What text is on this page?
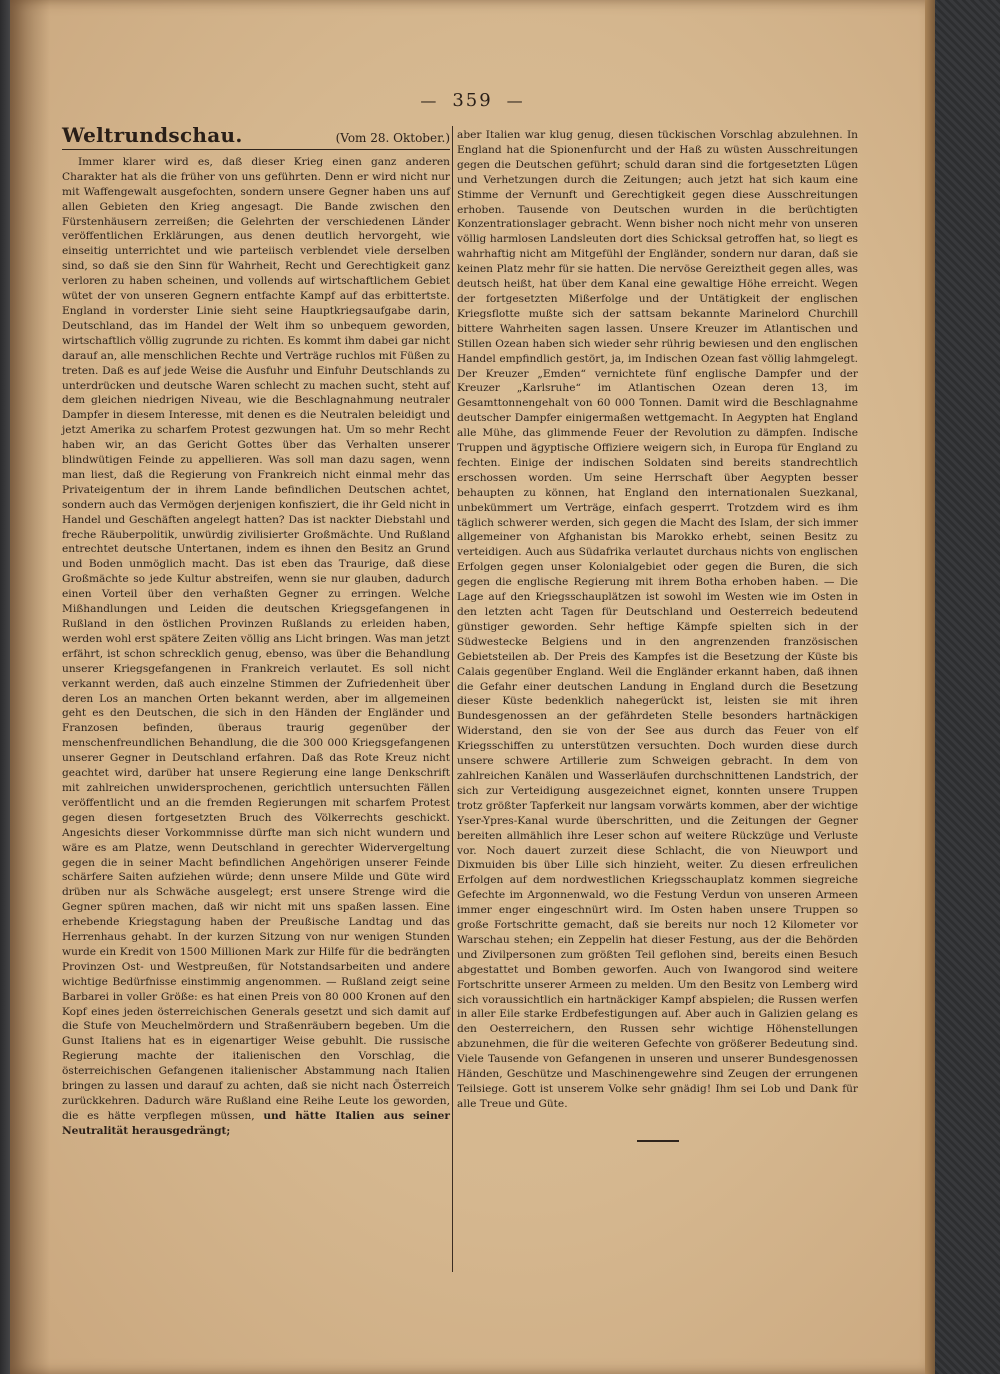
— 359 —
Weltrundschau.	(Vom 28. Oktober.)

Immer klarer wird es, daß dieser Krieg einen ganz anderen Charakter hat als die früher von uns geführten. Denn er wird nicht nur mit Waffengewalt ausgefochten, sondern unsere Gegner haben uns auf allen Gebieten den Krieg angesagt. Die Bande zwischen den Fürstenhäusern zerreißen; die Gelehrten der verschiedenen Länder veröffentlichen Erklärungen, aus denen deutlich hervorgeht, wie einseitig unterrichtet und wie parteiisch verblendet viele derselben sind, so daß sie den Sinn für Wahrheit, Recht und Gerechtigkeit ganz verloren zu haben scheinen, und vollends auf wirtschaftlichem Gebiet wütet der von unseren Gegnern entfachte Kampf auf das erbittertste. England in vorderster Linie sieht seine Hauptkriegsaufgabe darin, Deutschland, das im Handel der Welt ihm so unbequem geworden, wirtschaftlich völlig zugrunde zu richten. Es kommt ihm dabei gar nicht darauf an, alle menschlichen Rechte und Verträge ruchlos mit Füßen zu treten. Daß es auf jede Weise die Ausfuhr und Einfuhr Deutschlands zu unterdrücken und deutsche Waren schlecht zu machen sucht, steht auf dem gleichen niedrigen Niveau, wie die Beschlagnahmung neutraler Dampfer in diesem Interesse, mit denen es die Neutralen beleidigt und jetzt Amerika zu scharfem Protest gezwungen hat. Um so mehr Recht haben wir, an das Gericht Gottes über das Verhalten unserer blindwütigen Feinde zu appellieren. Was soll man dazu sagen, wenn man liest, daß die Regierung von Frankreich nicht einmal mehr das Privateigentum der in ihrem Lande befindlichen Deutschen achtet, sondern auch das Vermögen derjenigen konfisziert, die ihr Geld nicht in Handel und Geschäften angelegt hatten? Das ist nackter Diebstahl und freche Räuberpolitik, unwürdig zivilisierter Großmächte. Und Rußland entrechtet deutsche Untertanen, indem es ihnen den Besitz an Grund und Boden unmöglich macht. Das ist eben das Traurige, daß diese Großmächte so jede Kultur abstreifen, wenn sie nur glauben, dadurch einen Vorteil über den verhaßten Gegner zu erringen. Welche Mißhandlungen und Leiden die deutschen Kriegsgefangenen in Rußland in den östlichen Provinzen Rußlands zu erleiden haben, werden wohl erst spätere Zeiten völlig ans Licht bringen. Was man jetzt erfährt, ist schon schrecklich genug, ebenso, was über die Behandlung unserer Kriegsgefangenen in Frankreich verlautet. Es soll nicht verkannt werden, daß auch einzelne Stimmen der Zufriedenheit über deren Los an manchen Orten bekannt werden, aber im allgemeinen geht es den Deutschen, die sich in den Händen der Engländer und Franzosen befinden, überaus traurig gegenüber der menschenfreundlichen Behandlung, die die 300 000 Kriegsgefangenen unserer Gegner in Deutschland erfahren. Daß das Rote Kreuz nicht geachtet wird, darüber hat unsere Regierung eine lange Denkschrift mit zahlreichen unwidersprochenen, gerichtlich untersuchten Fällen veröffentlicht und an die fremden Regierungen mit scharfem Protest gegen diesen fortgesetzten Bruch des Völkerrechts geschickt. Angesichts dieser Vorkommnisse dürfte man sich nicht wundern und wäre es am Platze, wenn Deutschland in gerechter Widervergeltung gegen die in seiner Macht befindlichen Angehörigen unserer Feinde schärfere Saiten aufziehen würde; denn unsere Milde und Güte wird drüben nur als Schwäche ausgelegt; erst unsere Strenge wird die Gegner spüren machen, daß wir nicht mit uns spaßen lassen. Eine erhebende Kriegstagung haben der Preußische Landtag und das Herrenhaus gehabt. In der kurzen Sitzung von nur wenigen Stunden wurde ein Kredit von 1500 Millionen Mark zur Hilfe für die bedrängten Provinzen Ost- und Westpreußen, für Notstandsarbeiten und andere wichtige Bedürfnisse einstimmig angenommen. — Rußland zeigt seine Barbarei in voller Größe: es hat einen Preis von 80 000 Kronen auf den Kopf eines jeden österreichischen Generals gesetzt und sich damit auf die Stufe von Meuchelmördern und Straßenräubern begeben. Um die Gunst Italiens hat es in eigenartiger Weise gebuhlt. Die russische Regierung machte der italienischen den Vorschlag, die österreichischen Gefangenen italienischer Abstammung nach Italien bringen zu lassen und darauf zu achten, daß sie nicht nach Österreich zurückkehren. Dadurch wäre Rußland eine Reihe Leute los geworden, die es hätte verpflegen müssen, und hätte Italien aus seiner Neutralität herausgedrängt;

aber Italien war klug genug, diesen tückischen Vorschlag abzulehnen. In England hat die Spionenfurcht und der Haß zu wüsten Ausschreitungen gegen die Deutschen geführt; schuld daran sind die fortgesetzten Lügen und Verhetzungen durch die Zeitungen; auch jetzt hat sich kaum eine Stimme der Vernunft und Gerechtigkeit gegen diese Ausschreitungen erhoben. Tausende von Deutschen wurden in die berüchtigten Konzentrationslager gebracht. Wenn bisher noch nicht mehr von unseren völlig harmlosen Landsleuten dort dies Schicksal getroffen hat, so liegt es wahrhaftig nicht am Mitgefühl der Engländer, sondern nur daran, daß sie keinen Platz mehr für sie hatten. Die nervöse Gereiztheit gegen alles, was deutsch heißt, hat über dem Kanal eine gewaltige Höhe erreicht. Wegen der fortgesetzten Mißerfolge und der Untätigkeit der englischen Kriegsflotte mußte sich der sattsam bekannte Marinelord Churchill bittere Wahrheiten sagen lassen. Unsere Kreuzer im Atlantischen und Stillen Ozean haben sich wieder sehr rührig bewiesen und den englischen Handel empfindlich gestört, ja, im Indischen Ozean fast völlig lahmgelegt. Der Kreuzer „Emden“ vernichtete fünf englische Dampfer und der Kreuzer „Karlsruhe“ im Atlantischen Ozean deren 13, im Gesamttonnengehalt von 60 000 Tonnen. Damit wird die Beschlagnahme deutscher Dampfer einigermaßen wettgemacht. In Aegypten hat England alle Mühe, das glimmende Feuer der Revolution zu dämpfen. Indische Truppen und ägyptische Offiziere weigern sich, in Europa für England zu fechten. Einige der indischen Soldaten sind bereits standrechtlich erschossen worden. Um seine Herrschaft über Aegypten besser behaupten zu können, hat England den internationalen Suezkanal, unbekümmert um Verträge, einfach gesperrt. Trotzdem wird es ihm täglich schwerer werden, sich gegen die Macht des Islam, der sich immer allgemeiner von Afghanistan bis Marokko erhebt, seinen Besitz zu verteidigen. Auch aus Südafrika verlautet durchaus nichts von englischen Erfolgen gegen unser Kolonialgebiet oder gegen die Buren, die sich gegen die englische Regierung mit ihrem Botha erhoben haben. — Die Lage auf den Kriegsschauplätzen ist sowohl im Westen wie im Osten in den letzten acht Tagen für Deutschland und Oesterreich bedeutend günstiger geworden. Sehr heftige Kämpfe spielten sich in der Südwestecke Belgiens und in den angrenzenden französischen Gebietsteilen ab. Der Preis des Kampfes ist die Besetzung der Küste bis Calais gegenüber England. Weil die Engländer erkannt haben, daß ihnen die Gefahr einer deutschen Landung in England durch die Besetzung dieser Küste bedenklich nahegerückt ist, leisten sie mit ihren Bundesgenossen an der gefährdeten Stelle besonders hartnäckigen Widerstand, den sie von der See aus durch das Feuer von elf Kriegsschiffen zu unterstützen versuchten. Doch wurden diese durch unsere schwere Artillerie zum Schweigen gebracht. In dem von zahlreichen Kanälen und Wasserläufen durchschnittenen Landstrich, der sich zur Verteidigung ausgezeichnet eignet, konnten unsere Truppen trotz größter Tapferkeit nur langsam vorwärts kommen, aber der wichtige Yser-Ypres-Kanal wurde überschritten, und die Zeitungen der Gegner bereiten allmählich ihre Leser schon auf weitere Rückzüge und Verluste vor. Noch dauert zurzeit diese Schlacht, die von Nieuwport und Dixmuiden bis über Lille sich hinzieht, weiter. Zu diesen erfreulichen Erfolgen auf dem nordwestlichen Kriegsschauplatz kommen siegreiche Gefechte im Argonnenwald, wo die Festung Verdun von unseren Armeen immer enger eingeschnürt wird. Im Osten haben unsere Truppen so große Fortschritte gemacht, daß sie bereits nur noch 12 Kilometer vor Warschau stehen; ein Zeppelin hat dieser Festung, aus der die Behörden und Zivilpersonen zum größten Teil geflohen sind, bereits einen Besuch abgestattet und Bomben geworfen. Auch von Iwangorod sind weitere Fortschritte unserer Armeen zu melden. Um den Besitz von Lemberg wird sich voraussichtlich ein hartnäckiger Kampf abspielen; die Russen werfen in aller Eile starke Erdbefestigungen auf. Aber auch in Galizien gelang es den Oesterreichern, den Russen sehr wichtige Höhenstellungen abzunehmen, die für die weiteren Gefechte von größerer Bedeutung sind. Viele Tausende von Gefangenen in unseren und unserer Bundesgenossen Händen, Geschütze und Maschinengewehre sind Zeugen der errungenen Teilsiege. Gott ist unserem Volke sehr gnädig! Ihm sei Lob und Dank für alle Treue und Güte.
